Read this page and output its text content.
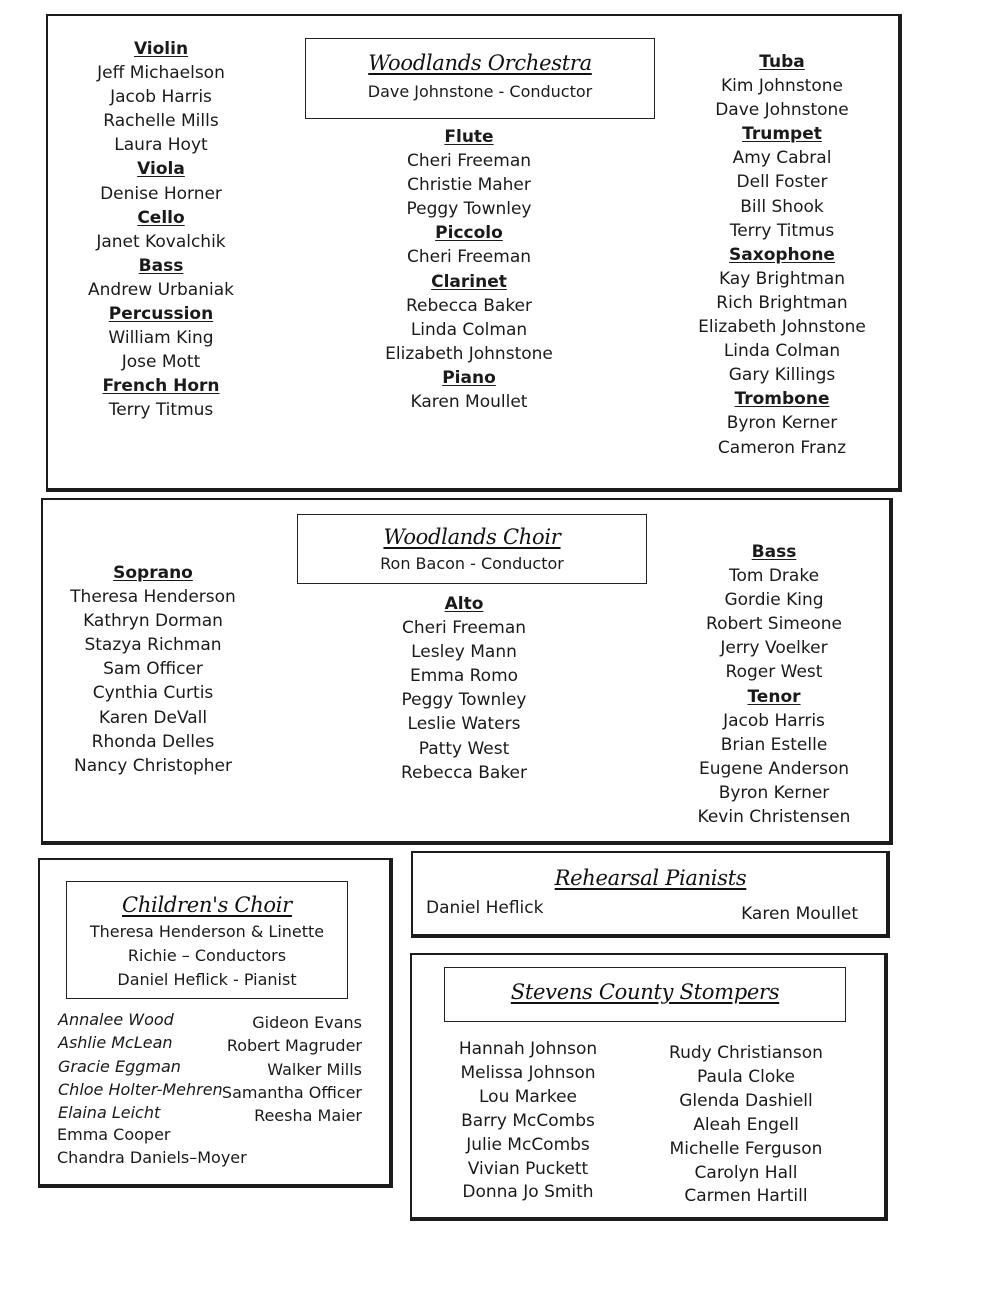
Woodlands Orchestra
Dave Johnstone - Conductor
Violin
Jeff Michaelson
Jacob Harris
Rachelle Mills
Laura Hoyt
Viola
Denise Horner
Cello
Janet Kovalchik
Bass
Andrew Urbaniak
Percussion
William King
Jose Mott
French Horn
Terry Titmus
Flute
Cheri Freeman
Christie Maher
Peggy Townley
Piccolo
Cheri Freeman
Clarinet
Rebecca Baker
Linda Colman
Elizabeth Johnstone
Piano
Karen Moullet
Tuba
Kim Johnstone
Dave Johnstone
Trumpet
Amy Cabral
Dell Foster
Bill Shook
Terry Titmus
Saxophone
Kay Brightman
Rich Brightman
Elizabeth Johnstone
Linda Colman
Gary Killings
Trombone
Byron Kerner
Cameron Franz
Woodlands Choir
Ron Bacon - Conductor
Soprano
Theresa Henderson
Kathryn Dorman
Stazya Richman
Sam Officer
Cynthia Curtis
Karen DeVall
Rhonda Delles
Nancy Christopher
Alto
Cheri Freeman
Lesley Mann
Emma Romo
Peggy Townley
Leslie Waters
Patty West
Rebecca Baker
Bass
Tom Drake
Gordie King
Robert Simeone
Jerry Voelker
Roger West
Tenor
Jacob Harris
Brian Estelle
Eugene Anderson
Byron Kerner
Kevin Christensen
Children's Choir
Theresa Henderson & Linette
Richie – Conductors
Daniel Heflick - Pianist
Annalee Wood
Ashlie McLean
Gracie Eggman
Chloe Holter-Mehren
Elaina Leicht
Gideon Evans
Robert Magruder
Walker Mills
Samantha Officer
Reesha Maier
Emma Cooper
Chandra Daniels–Moyer
Rehearsal Pianists
Daniel Heflick	Karen Moullet
Stevens County Stompers
Hannah Johnson
Melissa Johnson
Lou Markee
Barry McCombs
Julie McCombs
Vivian Puckett
Donna Jo Smith
Rudy Christianson
Paula Cloke
Glenda Dashiell
Aleah Engell
Michelle Ferguson
Carolyn Hall
Carmen Hartill
